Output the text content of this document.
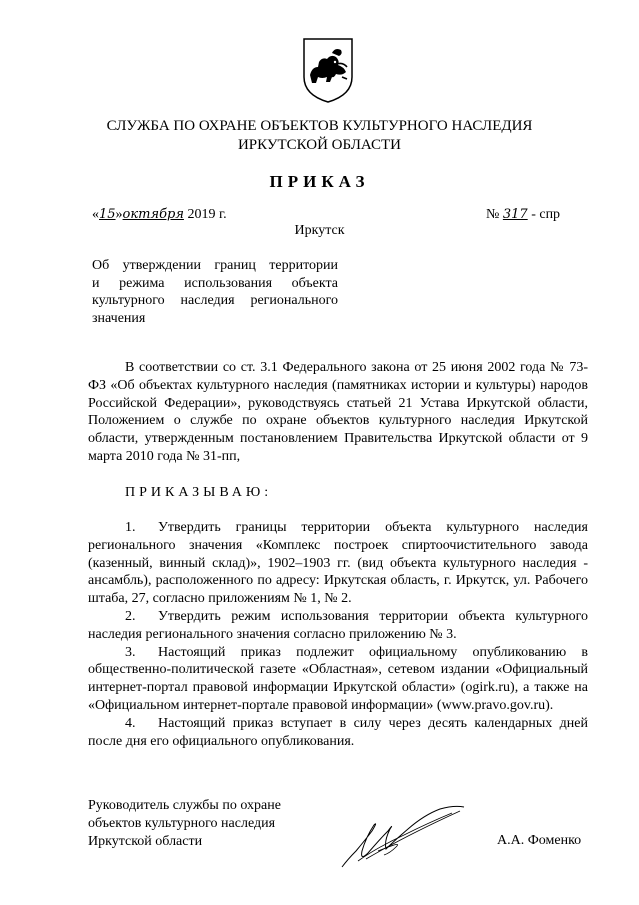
СЛУЖБА ПО ОХРАНЕ ОБЪЕКТОВ КУЛЬТУРНОГО НАСЛЕДИЯ
ИРКУТСКОЙ ОБЛАСТИ
ПРИКАЗ
«15»октября 2019 г.	№ 317 - спр
Иркутск
Об утверждении границ территории
и режима использования объекта
культурного наследия регионального

значения

В соответствии со ст. 3.1 Федерального закона от 25 июня 2002 года № 73-ФЗ «Об объектах культурного наследия (памятниках истории и культуры) народов Российской Федерации», руководствуясь статьей 21 Устава Иркутской области, Положением о службе по охране объектов культурного наследия Иркутской области, утвержденным постановлением Правительства Иркутской области от 9 марта 2010 года № 31-пп,

ПРИКАЗЫВАЮ:

1. Утвердить границы территории объекта культурного наследия регионального значения «Комплекс построек спиртоочистительного завода (казенный, винный склад)», 1902–1903 гг. (вид объекта культурного наследия - ансамбль), расположенного по адресу: Иркутская область, г. Иркутск, ул. Рабочего штаба, 27, согласно приложениям № 1, № 2.

2. Утвердить режим использования территории объекта культурного наследия регионального значения согласно приложению № 3.

3. Настоящий приказ подлежит официальному опубликованию в общественно-политической газете «Областная», сетевом издании «Официальный интернет-портал правовой информации Иркутской области» (ogirk.ru), а также на «Официальном интернет-портале правовой информации» (www.pravo.gov.ru).

4. Настоящий приказ вступает в силу через десять календарных дней после дня его официального опубликования.

Руководитель службы по охране
объектов культурного наследия
Иркутской области	А.А. Фоменко
